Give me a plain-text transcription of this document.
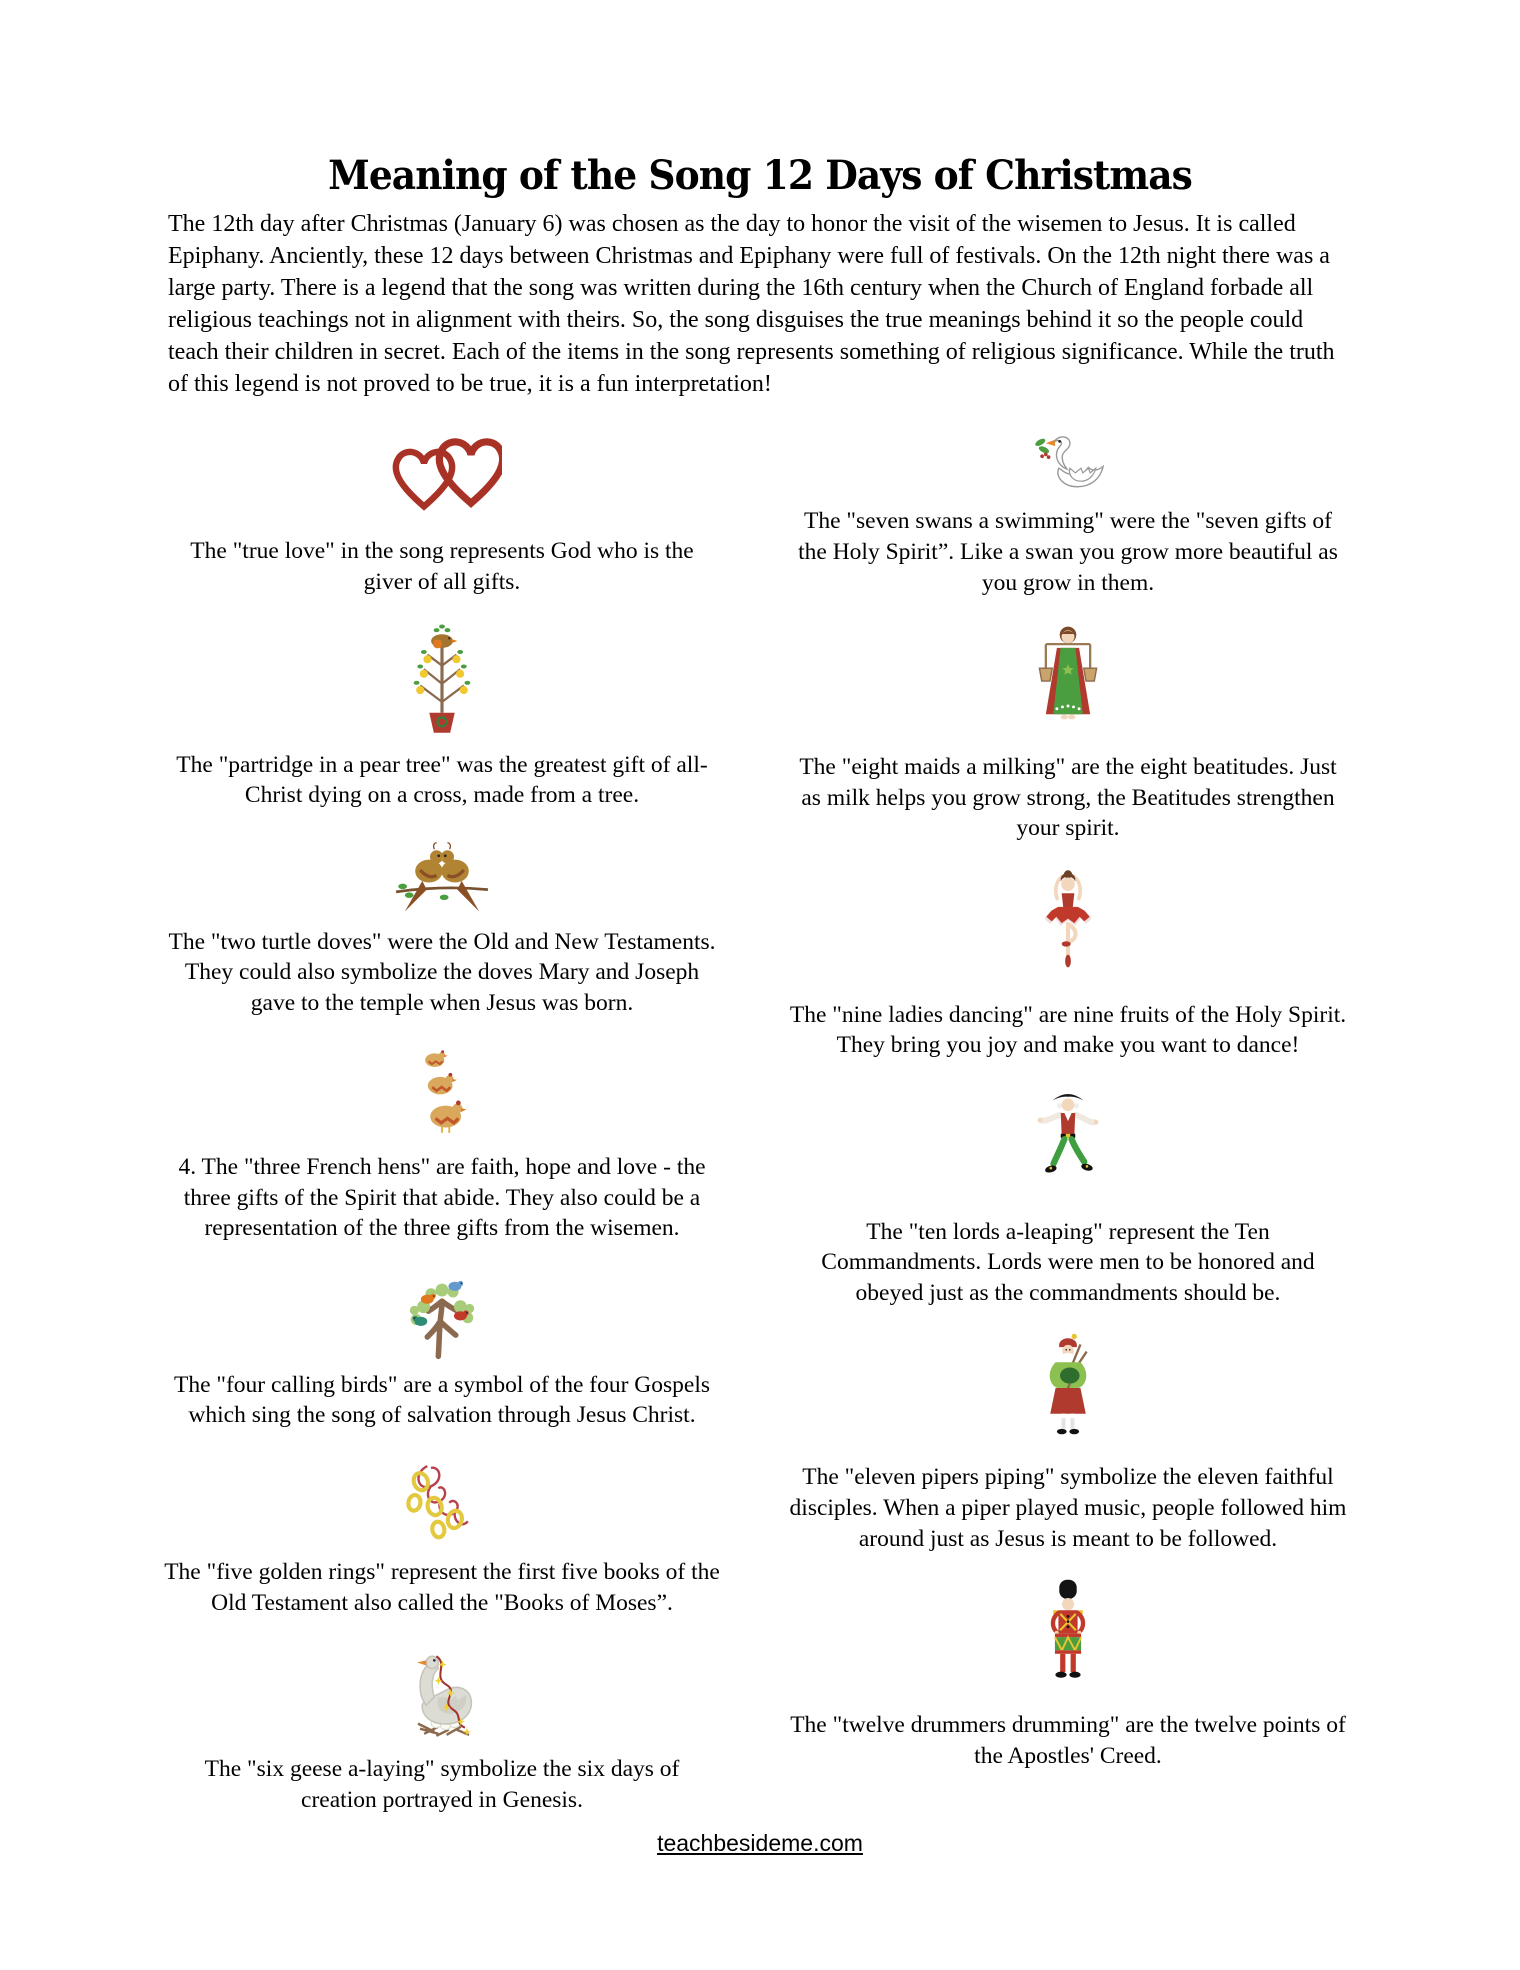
Meaning of the Song 12 Days of Christmas

The 12th day after Christmas (January 6) was chosen as the day to honor the visit of the wisemen to Jesus. It is called Epiphany. Anciently, these 12 days between Christmas and Epiphany were full of festivals. On the 12th night there was a large party. There is a legend that the song was written during the 16th century when the Church of England forbade all religious teachings not in alignment with theirs. So, the song disguises the true meanings behind it so the people could teach their children in secret. Each of the items in the song represents something of religious significance. While the truth of this legend is not proved to be true, it is a fun interpretation!

The "true love" in the song represents God who is the giver of all gifts.

The "partridge in a pear tree" was the greatest gift of all- Christ dying on a cross, made from a tree.

The "two turtle doves" were the Old and New Testaments. They could also symbolize the doves Mary and Joseph gave to the temple when Jesus was born.

4. The "three French hens" are faith, hope and love - the three gifts of the Spirit that abide. They also could be a representation of the three gifts from the wisemen.

The "four calling birds" are a symbol of the four Gospels which sing the song of salvation through Jesus Christ.

The "five golden rings" represent the first five books of the Old Testament also called the "Books of Moses”.

The "six geese a-laying" symbolize the six days of creation portrayed in Genesis.

The "seven swans a swimming" were the "seven gifts of the Holy Spirit”. Like a swan you grow more beautiful as you grow in them.

The "eight maids a milking" are the eight beatitudes. Just as milk helps you grow strong, the Beatitudes strengthen your spirit.

The "nine ladies dancing" are nine fruits of the Holy Spirit. They bring you joy and make you want to dance!

The "ten lords a-leaping" represent the Ten Commandments. Lords were men to be honored and obeyed just as the commandments should be.

The "eleven pipers piping" symbolize the eleven faithful disciples. When a piper played music, people followed him around just as Jesus is meant to be followed.

The "twelve drummers drumming" are the twelve points of the Apostles' Creed.

teachbesideme.com
